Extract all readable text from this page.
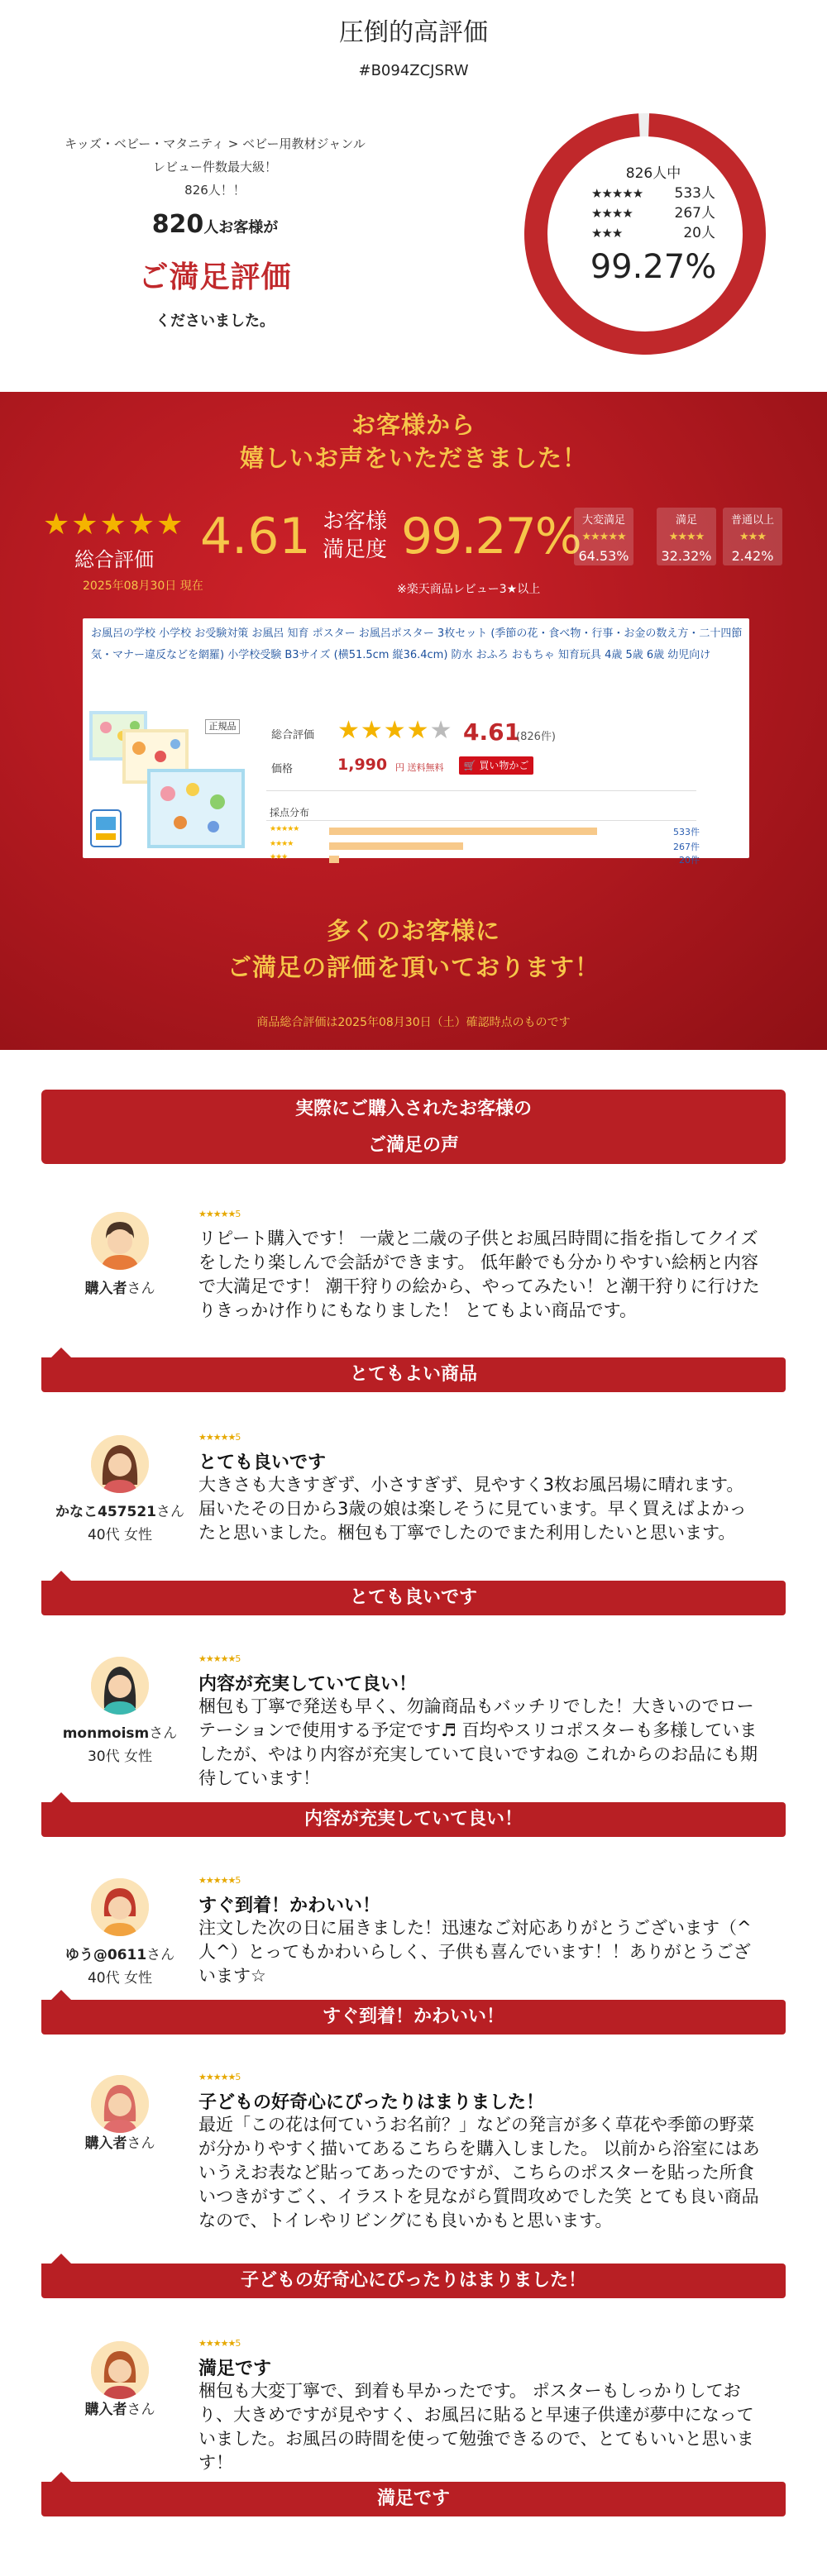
圧倒的高評価
#B094ZCJSRW
キッズ・ベビー・マタニティ > ベビー用教材ジャンル
レビュー件数最大級！
826人！！
820人お客様が
ご満足評価
くださいました。
826人中
★★★★★ 533人
★★★★	267人
★★★	20人
99.27%
お客様から
嬉しいお声をいただきました！
★★★★★
総合評価 4.61
2025年08月30日 現在
お客様
満足度 99.27%
※楽天商品レビュー3★以上
大変満足
★★★★★
64.53%
満足
★★★★
32.32%
普通以上
★★★
2.42%
お風呂の学校 小学校 お受験対策 お風呂 知育 ポスター お風呂ポスター 3枚セット (季節の花・食べ物・行事・お金の数え方・二十四節気・マナー違反などを網羅) 小学校受験 B3サイズ (横51.5cm 縦36.4cm) 防水 おふろ おもちゃ 知育玩具 4歳 5歳 6歳 幼児向け
正規品
総合評価 ★★★★★ 4.61
(826件)
価格	1,990 円 送料無料	🛒 買い物かご
採点分布
★★★★★	533件
★★★★	267件
★★★	20件
多くのお客様に
ご満足の評価を頂いております！
商品総合評価は2025年08月30日（土）確認時点のものです
実際にご購入されたお客様の
ご満足の声
購入者さん
★★★★★5
リピート購入です！ 一歳と二歳の子供とお風呂時間に指を指してクイズをしたり楽しんで会話ができます。 低年齢でも分かりやすい絵柄と内容で大満足です！ 潮干狩りの絵から、やってみたい！と潮干狩りに行けたりきっかけ作りにもなりました！ とてもよい商品です。
とてもよい商品
かなこ457521さん
40代 女性
★★★★★5
とても良いです
大きさも大きすぎず、小さすぎず、見やすく3枚お風呂場に晴れます。届いたその日から3歳の娘は楽しそうに見ています。早く買えばよかったと思いました。梱包も丁寧でしたのでまた利用したいと思います。
とても良いです
monmoismさん
30代 女性
★★★★★5
内容が充実していて良い！
梱包も丁寧で発送も早く、勿論商品もバッチリでした！大きいのでローテーションで使用する予定です♬ 百均やスリコポスターも多様していましたが、やはり内容が充実していて良いですね◎ これからのお品にも期待しています！
内容が充実していて良い！
ゆう@0611さん
40代 女性
★★★★★5
すぐ到着！かわいい！
注文した次の日に届きました！迅速なご対応ありがとうございます（^人^）とってもかわいらしく、子供も喜んでいます！！ありがとうございます☆
すぐ到着！かわいい！
購入者さん
★★★★★5
子どもの好奇心にぴったりはまりました！
最近「この花は何ていうお名前？」などの発言が多く草花や季節の野菜が分かりやすく描いてあるこちらを購入しました。 以前から浴室にはあいうえお表など貼ってあったのですが、こちらのポスターを貼った所食いつきがすごく、イラストを見ながら質問攻めでした笑 とても良い商品なので、トイレやリビングにも良いかもと思います。
子どもの好奇心にぴったりはまりました！
購入者さん
★★★★★5
満足です
梱包も大変丁寧で、到着も早かったです。 ポスターもしっかりしており、大きめですが見やすく、お風呂に貼ると早速子供達が夢中になっていました。お風呂の時間を使って勉強できるので、とてもいいと思います！
満足です
